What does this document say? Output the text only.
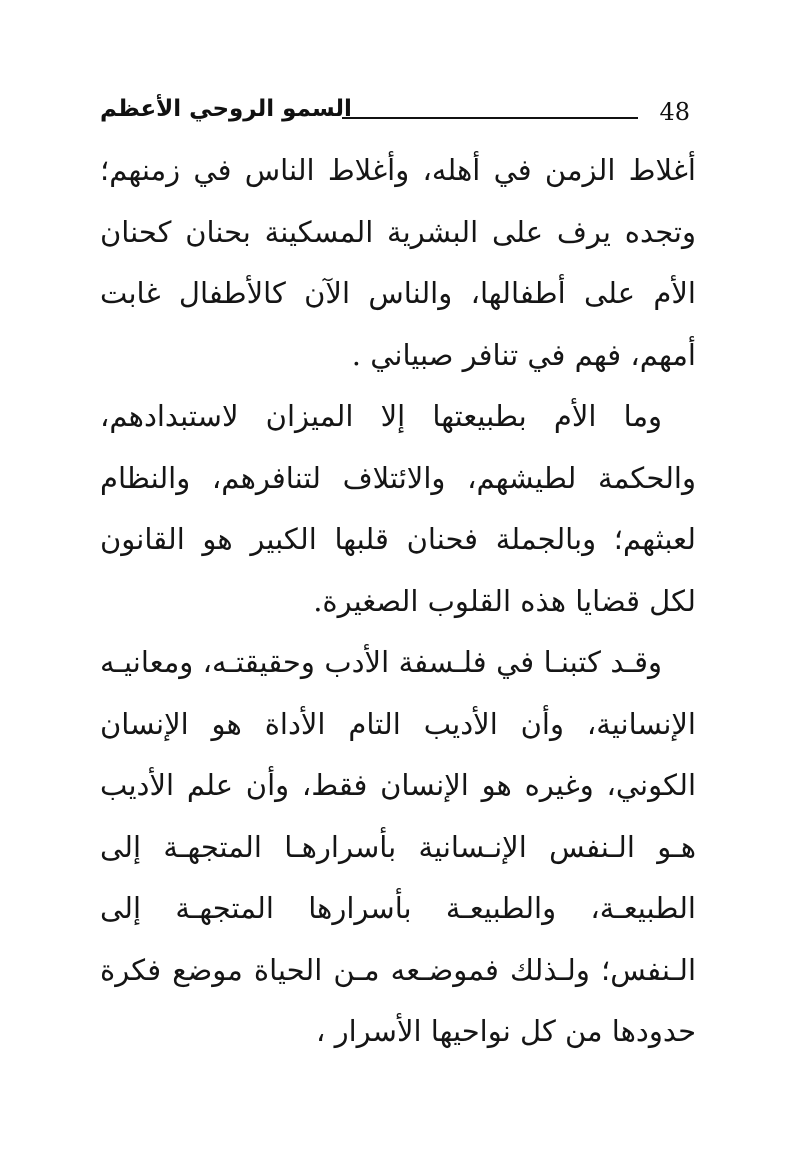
48
السمو الروحي الأعظم

أغلاط الزمن في أهله، وأغلاط الناس في زمنهم؛ وتجده يرف على البشرية المسكينة بحنان كحنان الأم على أطفالها، والناس الآن كالأطفال غابت أمهم، فهم في تنافر صبياني .

وما الأم بطبيعتها إلا الميزان لاستبدادهم، والحكمة لطيشهم، والائتلاف لتنافرهم، والنظام لعبثهم؛ وبالجملة فحنان قلبها الكبير هو القانون لكل قضايا هذه القلوب الصغيرة.

وقـد كتبنـا في فلـسفة الأدب وحقيقتـه، ومعانيـه الإنسانية، وأن الأديب التام الأداة هو الإنسان الكوني، وغيره هو الإنسان فقط، وأن علم الأديب هـو الـنفس الإنـسانية بأسرارهـا المتجهـة إلى الطبيعـة، والطبيعـة بأسرارها المتجهـة إلى الـنفس؛ ولـذلك فموضـعه مـن الحياة موضع فكرة حدودها من كل نواحيها الأسرار ،
